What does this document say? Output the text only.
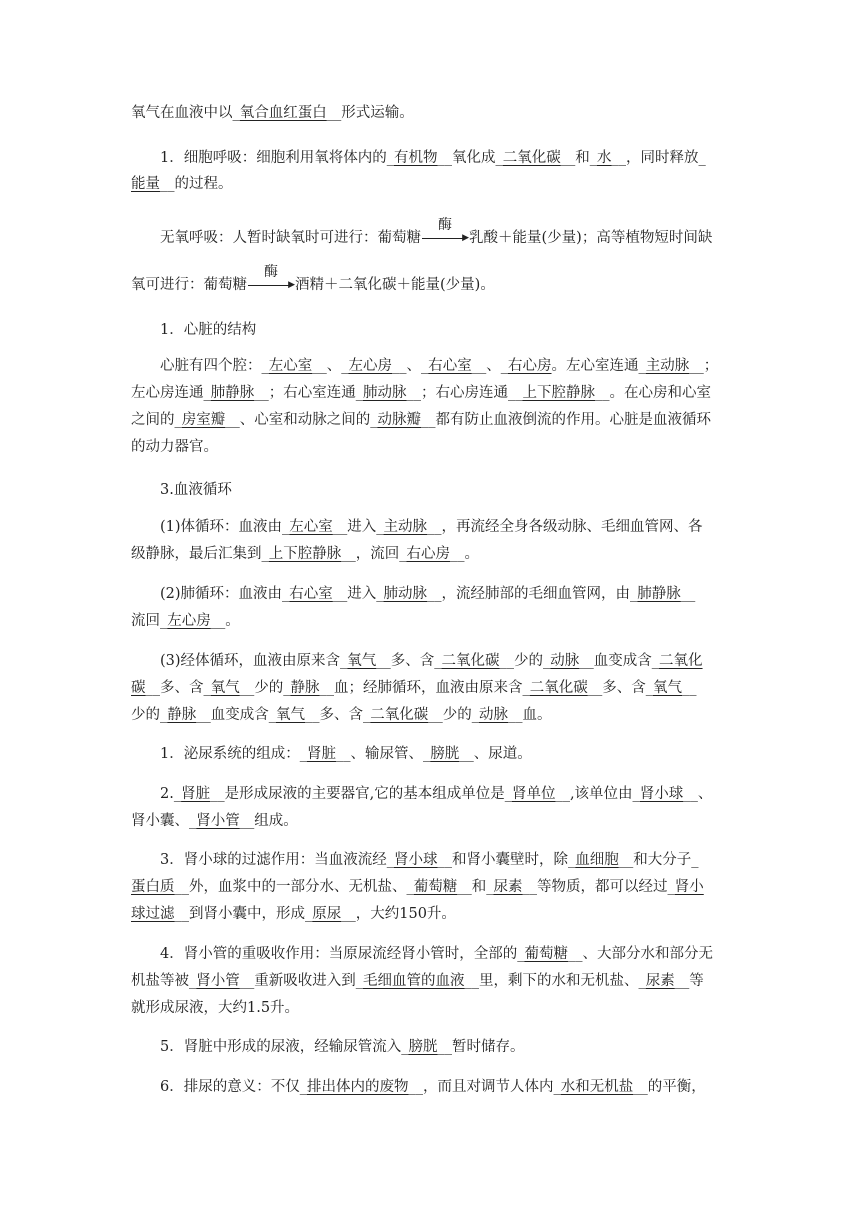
氧气在血液中以_氧合血红蛋白__形式运输。
　　1．细胞呼吸：细胞利用氧将体内的_有机物__氧化成_二氧化碳__和_水__，同时释放_
能量__的过程。
　　无氧呼吸：人暂时缺氧时可进行：葡萄糖
酶
▶ 乳酸＋能量(少量)；高等植物短时间缺
氧可进行：葡萄糖
酶
▶ 酒精＋二氧化碳＋能量(少量)。
　　1．心脏的结构
　　心脏有四个腔：_左心室__、_左心房__、_右心室__、_右心房。左心室连通_主动脉__；
左心房连通_肺静脉__；右心室连通_肺动脉__；右心房连通__上下腔静脉__。在心房和心室
之间的_房室瓣__、心室和动脉之间的_动脉瓣__都有防止血液倒流的作用。心脏是血液循环
的动力器官。
　　3.血液循环
　　(1)体循环：血液由_左心室__进入_主动脉__，再流经全身各级动脉、毛细血管网、各
级静脉，最后汇集到_上下腔静脉__，流回_右心房__。
　　(2)肺循环：血液由_右心室__进入_肺动脉__，流经肺部的毛细血管网，由_肺静脉__
流回_左心房__。
　　(3)经体循环，血液由原来含_氧气__多、含_二氧化碳__少的_动脉__血变成含_二氧化
碳__多、含_氧气__少的_静脉__血；经肺循环，血液由原来含_二氧化碳__多、含_氧气__
少的_静脉__血变成含_氧气__多、含_二氧化碳__少的_动脉__血。
　　1．泌尿系统的组成：_肾脏__、输尿管、_膀胱__、尿道。
　　2._肾脏__是形成尿液的主要器官,它的基本组成单位是_肾单位__,该单位由_肾小球__、
肾小囊、_肾小管__组成。
　　3．肾小球的过滤作用：当血液流经_肾小球__和肾小囊壁时，除_血细胞__和大分子_
蛋白质__外，血浆中的一部分水、无机盐、_葡萄糖__和_尿素__等物质，都可以经过_肾小
球过滤__到肾小囊中，形成_原尿__，大约150升。
　　4．肾小管的重吸收作用：当原尿流经肾小管时，全部的_葡萄糖__、大部分水和部分无
机盐等被_肾小管__重新吸收进入到_毛细血管的血液__里，剩下的水和无机盐、_尿素__等
就形成尿液，大约1.5升。
　　5．肾脏中形成的尿液，经输尿管流入_膀胱__暂时储存。
　　6．排尿的意义：不仅_排出体内的废物__，而且对调节人体内_水和无机盐__的平衡，
